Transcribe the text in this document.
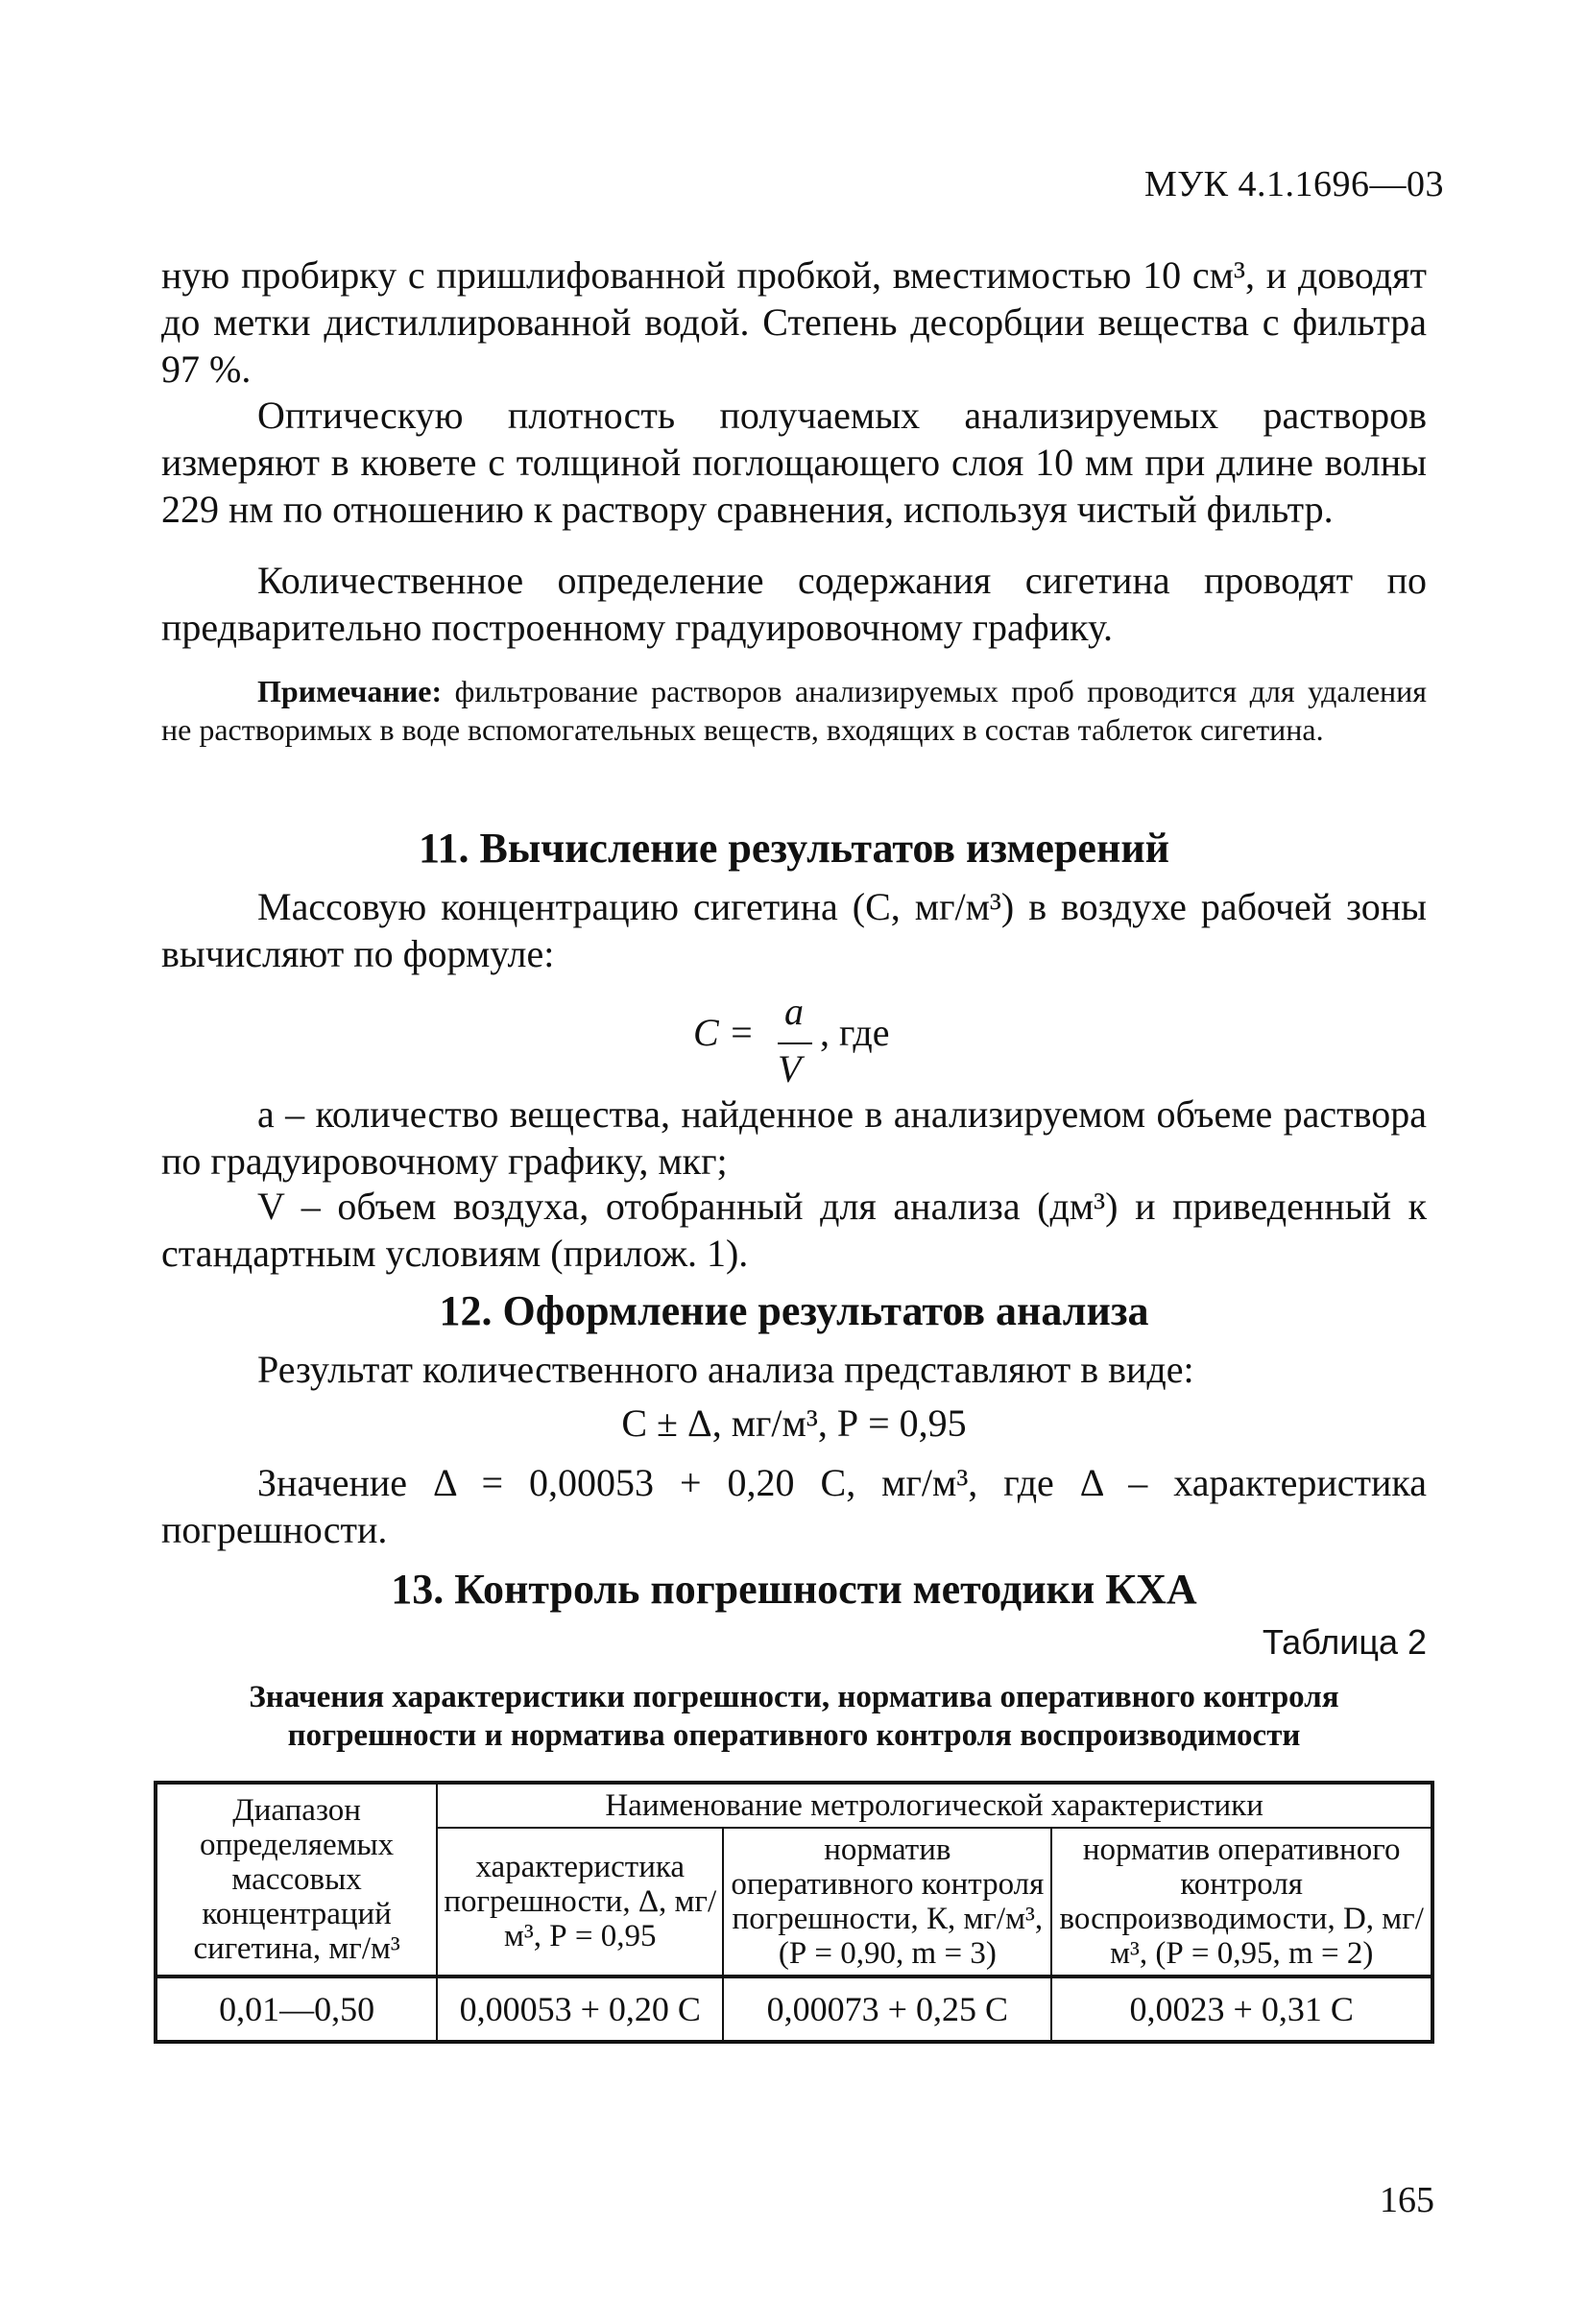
МУК 4.1.1696—03
ную пробирку с пришлифованной пробкой, вместимостью 10 см³, и доводят до метки дистиллированной водой. Степень десорбции вещества с фильтра 97 %.
Оптическую плотность получаемых анализируемых растворов измеряют в кювете с толщиной поглощающего слоя 10 мм при длине волны 229 нм по отношению к раствору сравнения, используя чистый фильтр.
Количественное определение содержания сигетина проводят по предварительно построенному градуировочному графику.
Примечание: фильтрование растворов анализируемых проб проводится для удаления не растворимых в воде вспомогательных веществ, входящих в состав таблеток сигетина.
11. Вычисление результатов измерений
Массовую концентрацию сигетина (С, мг/м³) в воздухе рабочей зоны вычисляют по формуле:
С = а
V
, где
а – количество вещества, найденное в анализируемом объеме раствора по градуировочному графику, мкг;
V – объем воздуха, отобранный для анализа (дм³) и приведенный к стандартным условиям (прилож. 1).
12. Оформление результатов анализа
Результат количественного анализа представляют в виде:
С ± Δ, мг/м³, Р = 0,95
Значение Δ = 0,00053 + 0,20 С, мг/м³, где Δ – характеристика погрешности.
13. Контроль погрешности методики КХА
Таблица 2
Значения характеристики погрешности, норматива оперативного контроля погрешности и норматива оперативного контроля воспроизводимости
Диапазон определяемых массовых концентраций сигетина, мг/м³	Наименование метрологической характеристики		
	характеристика погрешности, Δ, мг/м³, Р = 0,95	норматив оперативного контроля погрешности, К, мг/м³, (Р = 0,90, m = 3)	норматив оперативного контроля воспроизводимости, D, мг/м³, (Р = 0,95, m = 2)
0,01—0,50	0,00053 + 0,20 С	0,00073 + 0,25 С	0,0023 + 0,31 С
165
